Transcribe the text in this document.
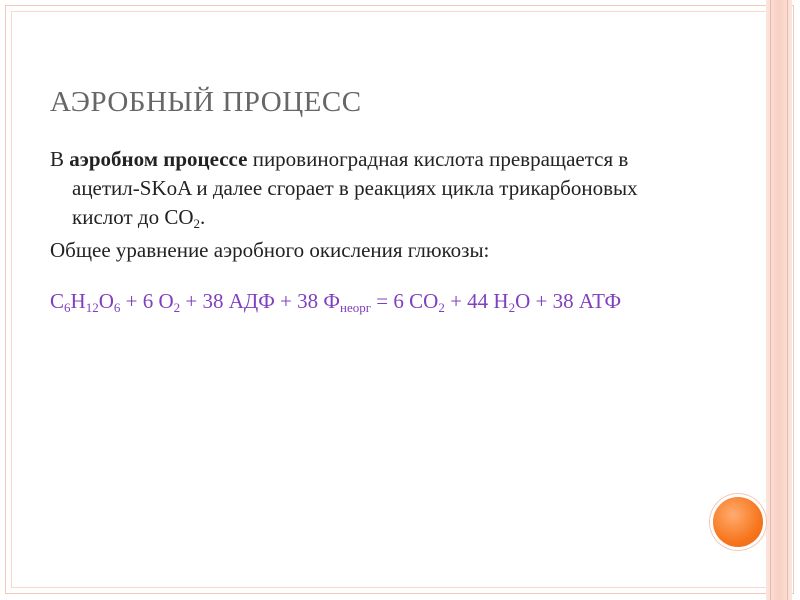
АЭРОБНЫЙ ПРОЦЕСС

В аэробном процессе пировиноградная кислота превращается в ацетил-SKoA и далее сгорает в реакциях цикла трикарбоновых кислот до $CO_2$.

Общее уравнение аэробного окисления глюкозы:

$C_6H_{12}O_6 + 6$ $O_2 + 38$ АДФ + 38 $Ф_{неорг} = 6$ $CO_2 + 44$ $H_2O + 38$ АТФ
